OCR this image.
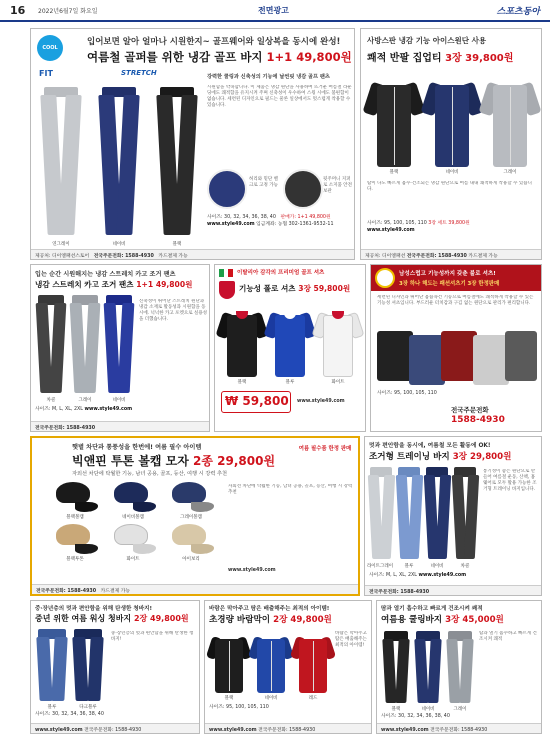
16 2022년6월7일 화요일	전면광고	스포츠동아
COOL
입어보면 알아 얼마나 시원한지~ 골프웨어와 일상복을 동시에 완성!
여름철 골퍼를 위한 냉감 골프 바지 1+1 49,800원
FIT	STRETCH
연그레이	네이비	블랙
강력한 쿨링과 신축성의 기능에 날씬핏 냉감 골프 팬츠
시원함을 약속합니다. 이 제품은 냉감 원단을 사용하여 뜨거운 여름철 라운딩에도 쾌적함을 유지시켜 주며 신축성이 우수하여 스윙 시에도 불편함이 없습니다. 세련된 디자인으로 필드는 물론 일상에서도 멋스럽게 착용할 수 있습니다.
허리와 밑단 벨크로 고정 가능
뒷주머니 지퍼로 소지품 안전 보관
사이즈: 30, 32, 34, 36, 38, 40 판매가: 1+1 49,800원
www.style49.com 입금계좌: 농협 302-1361-9532-11
제공처: 디이엘패션스토어 전국주문전화: 1588-4930 카드결제 가능
사방스판 냉감 기능 아이스원단 사용
쾌적 반팔 집업티 3장 39,800원
블랙	네이비	그레이
땀이 나도 빠르게 흡수·건조되는 냉감 원단으로 여름 내내 쾌적하게 착용할 수 있습니다.
사이즈: 95, 100, 105, 110 3장 세트 39,800원
www.style49.com
제공처: 디이엘패션 전국주문전화: 1588-4930 카드결제 가능
입는 순간 시원해지는 냉감 스트레치 카고 조거 팬츠
냉감 스트레치 카고 조거 팬츠 1+1 49,800원
차콜	그레이	네이비
신축성이 뛰어난 스트레치 원단과 냉감 소재로 활동성과 시원함을 동시에. 넉넉한 카고 포켓으로 실용성을 더했습니다.
사이즈: M, L, XL, 2XL www.style49.com
전국주문전화: 1588-4930
이탈리아 감각의 프리미엄 골프 셔츠
기능성 폴로 셔츠 3장 59,800원
블랙	블루	화이트
₩ 59,800 www.style49.com
남성스럽고 기능성까지 갖춘 불로 셔츠!
3장 하나 해도는 패션셔츠기 3장 한정판매
세련된 디자인과 뛰어난 흡습속건 기능으로 여름철에도 쾌적하게 착용할 수 있는 기능성 셔츠입니다. 부드러운 터치감과 구김 없는 원단으로 관리가 편리합니다.
사이즈: 95, 100, 105, 110
전국주문전화
1588-4930
햇볕 차단과 통풍성을 한번에! 여름 필수 아이템
빅앤핀 투톤 볼캡 모자 2종 29,800원
자외선 차단에 탁월한 기능, 남녀 공용, 골프, 등산, 여행 시 강력 추천
여름 필수품 한정 판매
블랙볼캡	네이비볼캡	그레이볼캡
블랙투톤	화이트	아이보리
자외선 차단에 탁월한 기능, 남녀 공용, 골프, 등산, 여행 시 강력 추천
www.style49.com
전국주문전화: 1588-4930 카드결제 가능
멋과 편안함을 동시에, 여름철 모든 활동에 OK!
조거형 트레이닝 바지 3장 29,800원
라이트그레이	블루	네이비	차콜
통기성이 좋은 원단으로 만들어 여름철 운동, 산책, 홈웨어로 모두 활용 가능한 조거형 트레이닝 바지입니다.
사이즈: M, L, XL, 2XL www.style49.com
전국주문전화: 1588-4930
중·장년층의 멋과 편안함을 위해 탄생한 청바지!
중년 위한 여름 워싱 청바지 2장 49,800원
블루	다크블루
중·장년층의 멋과 편안함을 위해 탄생한 청바지!
사이즈: 30, 32, 34, 36, 38, 40
www.style49.com 전국주문전화: 1588-4930
바람은 막아주고 땀은 배출해주는 최적의 아이템!
초경량 바람막이 2장 49,800원
블랙	네이비	레드
바람은 막아주고 땀은 배출해주는 최적의 아이템!
사이즈: 95, 100, 105, 110
www.style49.com 전국주문전화: 1588-4930
땀과 열기 흡수하고 빠르게 건조시켜 쾌적
여름용 쿨링바지 3장 45,000원
블랙	네이비	그레이
땀과 열기 흡수하고 빠르게 건조시켜 쾌적
사이즈: 30, 32, 34, 36, 38, 40
www.style49.com 전국주문전화: 1588-4930
